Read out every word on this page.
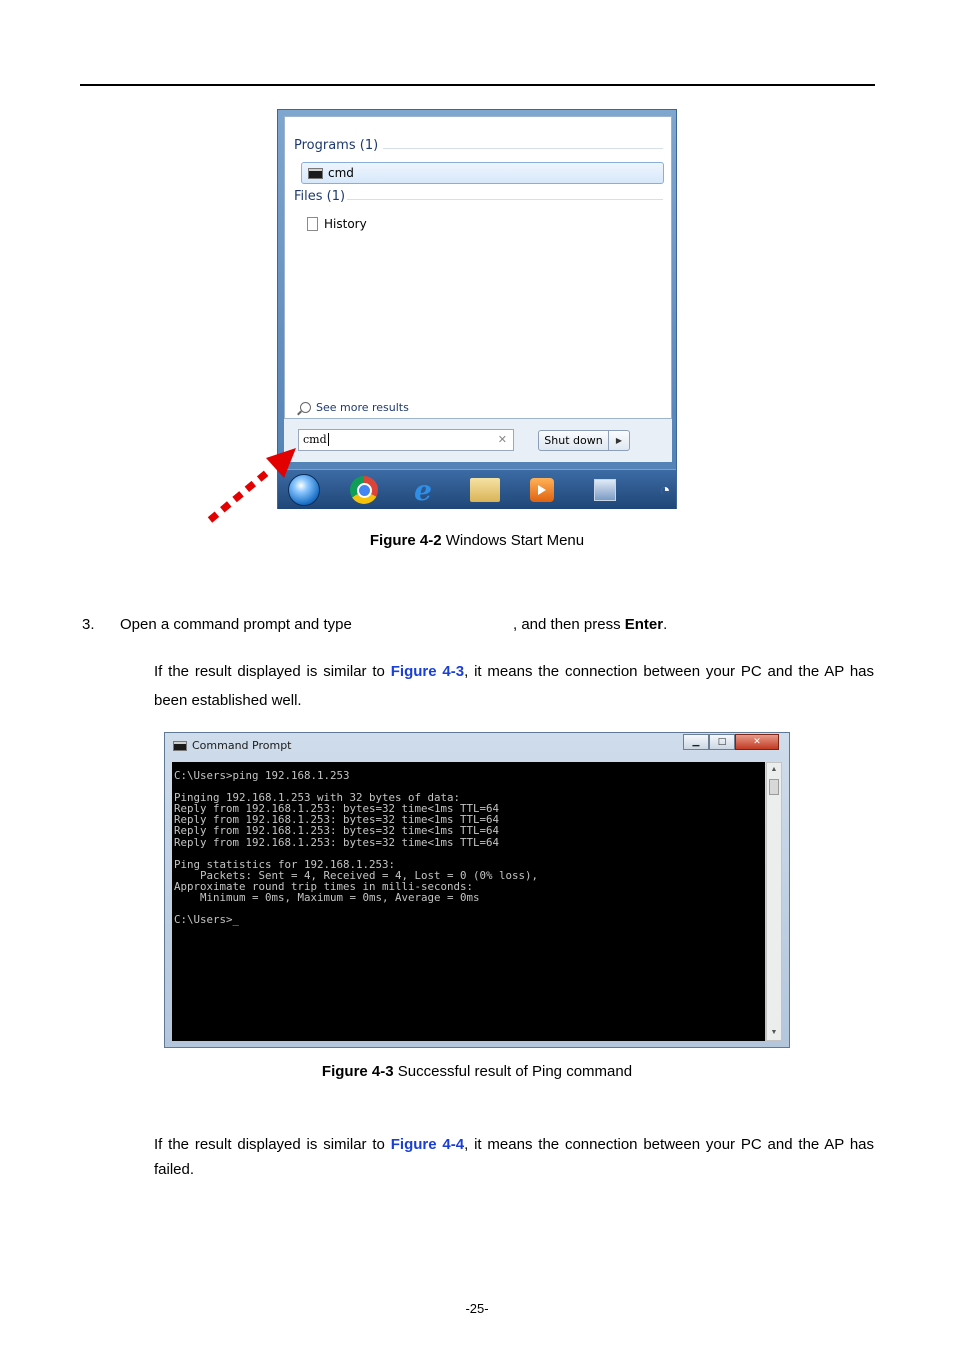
Programs (1)
cmd
Files (1)
History
See more results
cmd	✕	Shut down	▶
e	◔
Figure 4-2 Windows Start Menu
3. Open a command prompt and type	, and then press Enter.
If the result displayed is similar to Figure 4-3, it means the connection between your PC and the AP has been established well.
Command Prompt	▁	□	✕
C:\Users>ping 192.168.1.253
Pinging 192.168.1.253 with 32 bytes of data:
Reply from 192.168.1.253: bytes=32 time<1ms TTL=64
Reply from 192.168.1.253: bytes=32 time<1ms TTL=64
Reply from 192.168.1.253: bytes=32 time<1ms TTL=64
Reply from 192.168.1.253: bytes=32 time<1ms TTL=64
Ping statistics for 192.168.1.253:
Packets: Sent = 4, Received = 4, Lost = 0 (0% loss),
Approximate round trip times in milli-seconds:
Minimum = 0ms, Maximum = 0ms, Average = 0ms
C:\Users>_
▲
▼
Figure 4-3 Successful result of Ping command
If the result displayed is similar to Figure 4-4, it means the connection between your PC and the AP has failed.
-25-
